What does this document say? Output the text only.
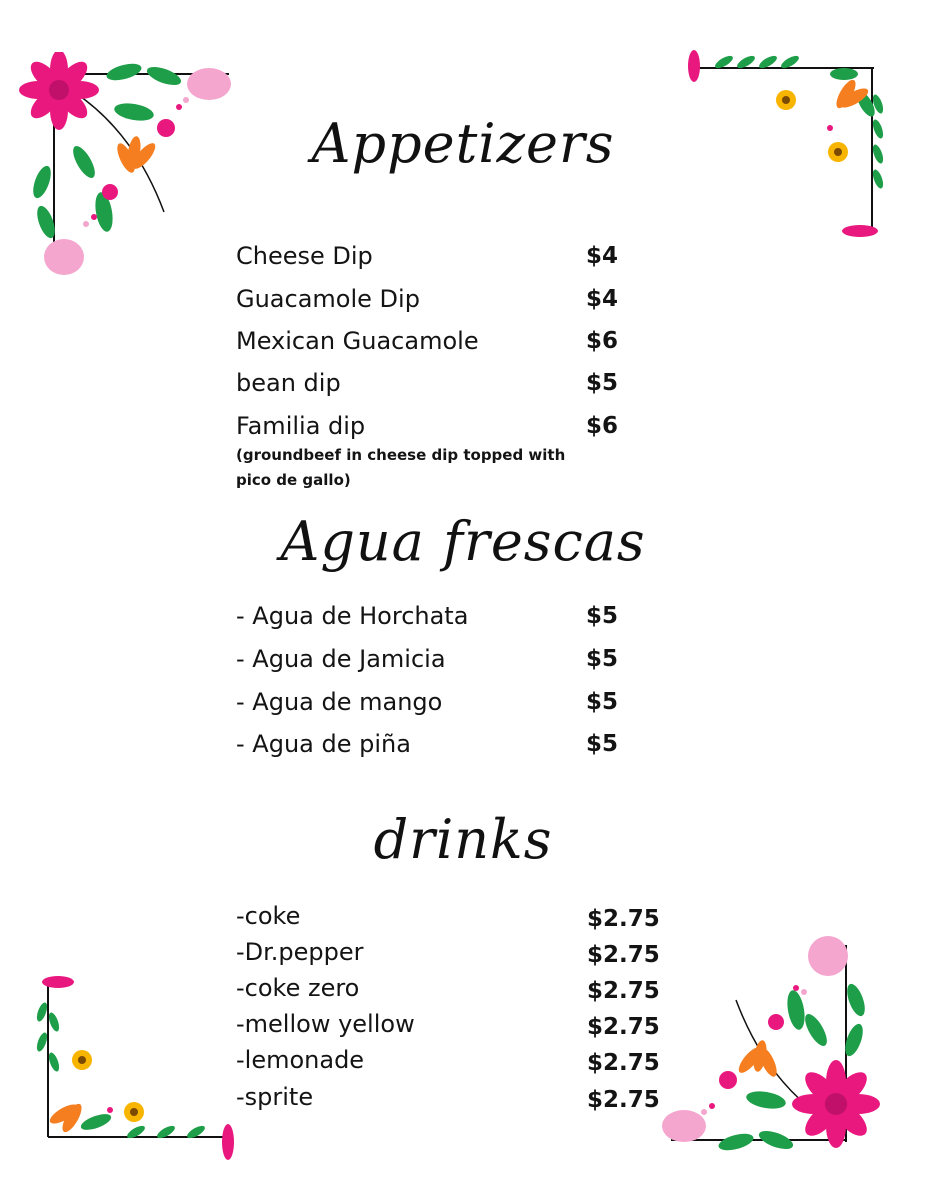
Appetizers
Cheese Dip	$4
Guacamole Dip	$4
Mexican Guacamole	$6
bean dip	$5
Familia dip	$6
(groundbeef in cheese dip topped with pico de gallo)
Agua frescas
- Agua de Horchata	$5
- Agua de Jamicia	$5
- Agua de mango	$5
- Agua de piña	$5
drinks
-coke	$2.75
-Dr.pepper	$2.75
-coke zero	$2.75
-mellow yellow	$2.75
-lemonade	$2.75
-sprite	$2.75
